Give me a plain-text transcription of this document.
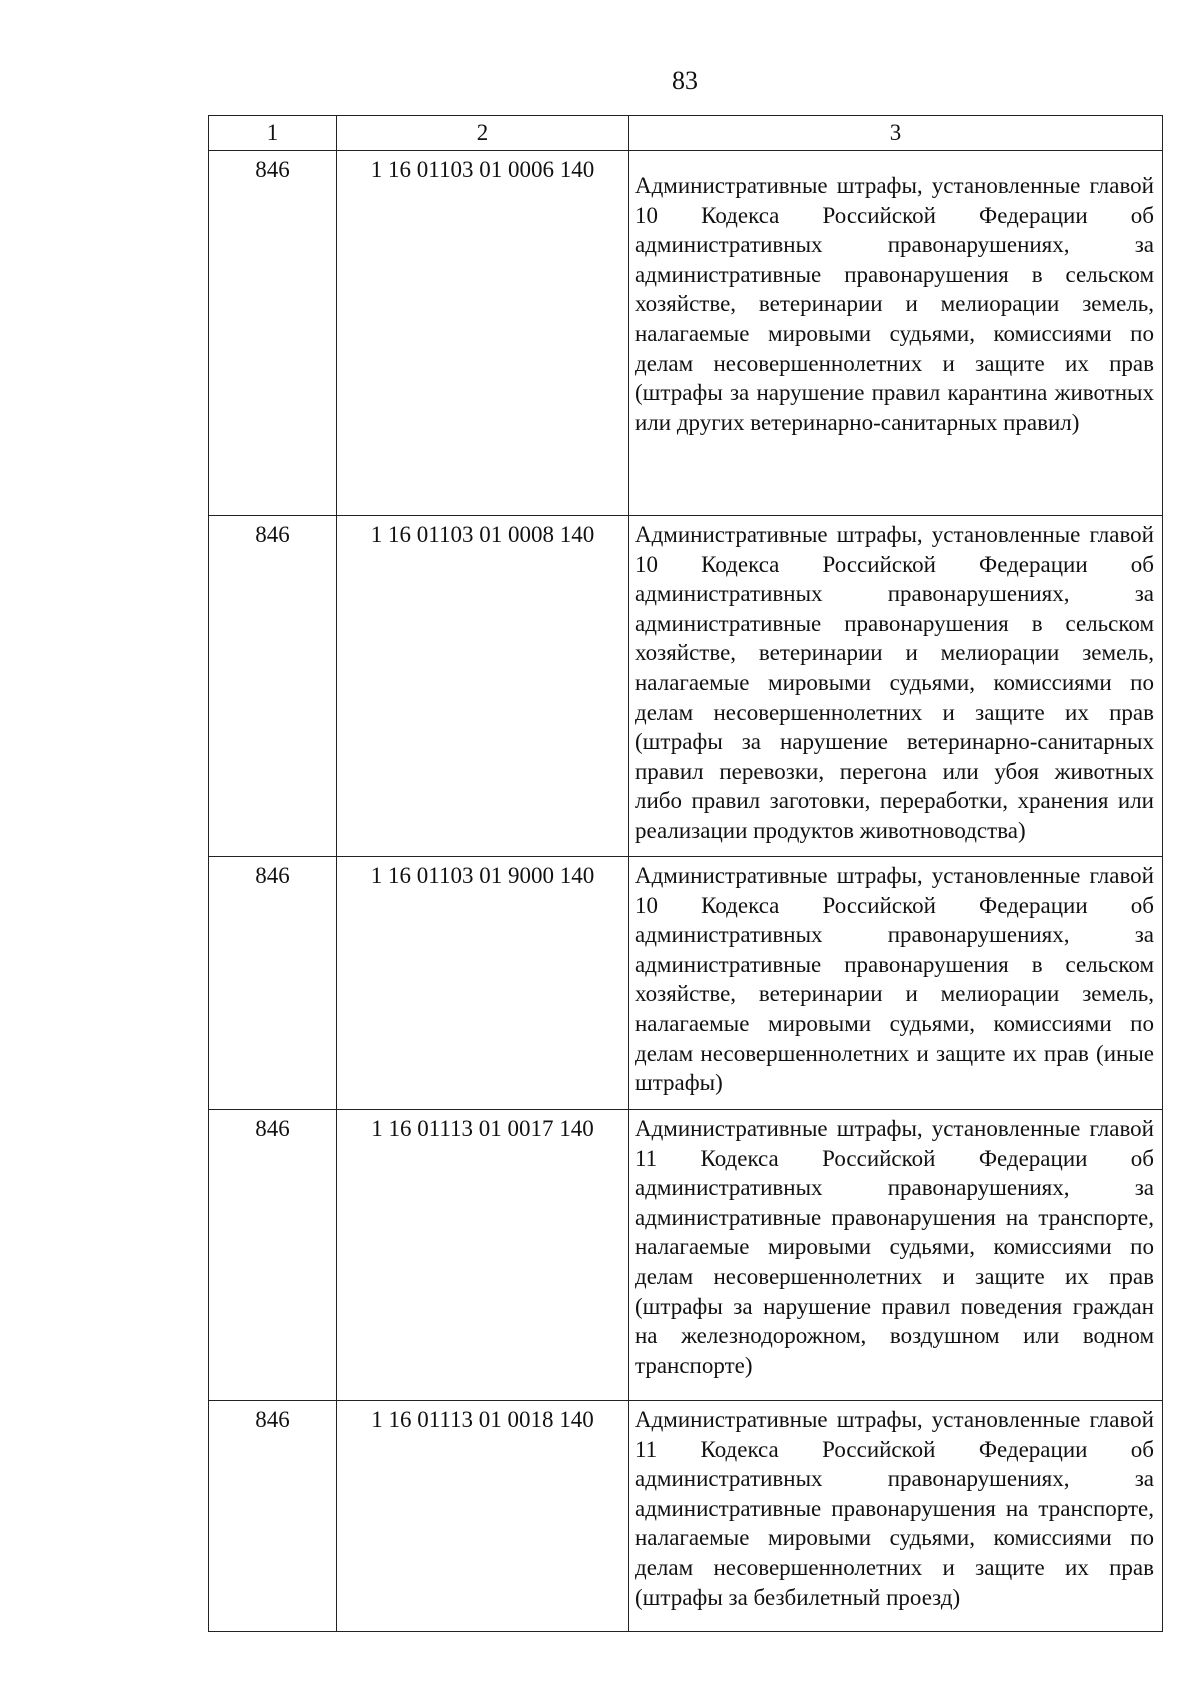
83
1	2	3
846	1 16 01103 01 0006 140	Административные штрафы, установленные главой 10 Кодекса Российской Федерации об административных правонарушениях, за административные правонарушения в сельском хозяйстве, ветеринарии и мелиорации земель, налагаемые мировыми судьями, комиссиями по делам несовершеннолетних и защите их прав (штрафы за нарушение правил карантина животных или других ветеринарно-санитарных правил)
846	1 16 01103 01 0008 140	Административные штрафы, установленные главой 10 Кодекса Российской Федерации об административных правонарушениях, за административные правонарушения в сельском хозяйстве, ветеринарии и мелиорации земель, налагаемые мировыми судьями, комиссиями по делам несовершеннолетних и защите их прав (штрафы за нарушение ветеринарно-санитарных правил перевозки, перегона или убоя животных либо правил заготовки, переработки, хранения или реализации продуктов животноводства)
846	1 16 01103 01 9000 140	Административные штрафы, установленные главой 10 Кодекса Российской Федерации об административных правонарушениях, за административные правонарушения в сельском хозяйстве, ветеринарии и мелиорации земель, налагаемые мировыми судьями, комиссиями по делам несовершеннолетних и защите их прав (иные штрафы)
846	1 16 01113 01 0017 140	Административные штрафы, установленные главой 11 Кодекса Российской Федерации об административных правонарушениях, за административные правонарушения на транспорте, налагаемые мировыми судьями, комиссиями по делам несовершеннолетних и защите их прав (штрафы за нарушение правил поведения граждан на железнодорожном, воздушном или водном транспорте)
846	1 16 01113 01 0018 140	Административные штрафы, установленные главой 11 Кодекса Российской Федерации об административных правонарушениях, за административные правонарушения на транспорте, налагаемые мировыми судьями, комиссиями по делам несовершеннолетних и защите их прав (штрафы за безбилетный проезд)
